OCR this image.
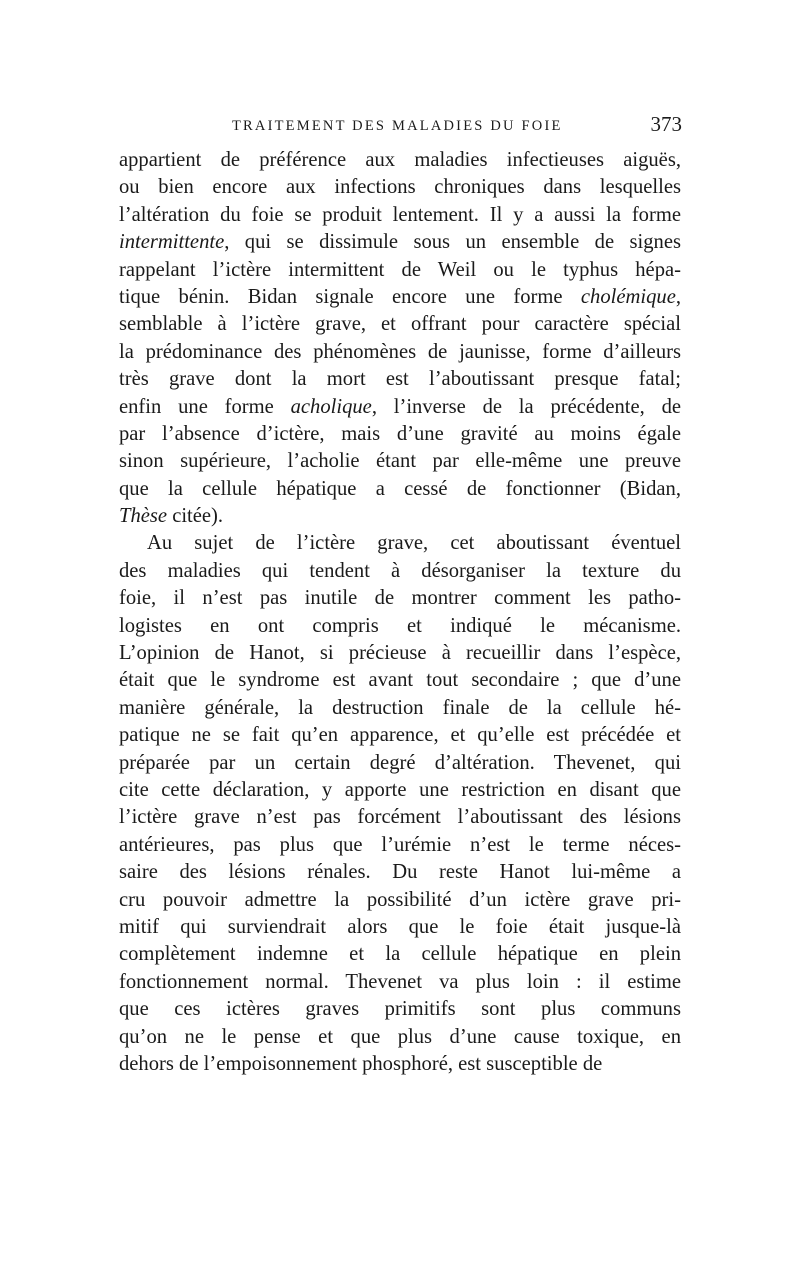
TRAITEMENT DES MALADIES DU FOIE	373
appartient de préférence aux maladies infectieuses aiguës,
ou bien encore aux infections chroniques dans lesquelles
l’altération du foie se produit lentement. Il y a aussi la forme
intermittente, qui se dissimule sous un ensemble de signes
rappelant l’ictère intermittent de Weil ou le typhus hépa-
tique bénin. Bidan signale encore une forme cholémique,
semblable à l’ictère grave, et offrant pour caractère spécial
la prédominance des phénomènes de jaunisse, forme d’ailleurs
très grave dont la mort est l’aboutissant presque fatal;
enfin une forme acholique, l’inverse de la précédente, de
par l’absence d’ictère, mais d’une gravité au moins égale
sinon supérieure, l’acholie étant par elle-même une preuve
que la cellule hépatique a cessé de fonctionner (Bidan,
Thèse citée).
Au sujet de l’ictère grave, cet aboutissant éventuel
des maladies qui tendent à désorganiser la texture du
foie, il n’est pas inutile de montrer comment les patho-
logistes en ont compris et indiqué le mécanisme.
L’opinion de Hanot, si précieuse à recueillir dans l’espèce,
était que le syndrome est avant tout secondaire ; que d’une
manière générale, la destruction finale de la cellule hé-
patique ne se fait qu’en apparence, et qu’elle est précédée et
préparée par un certain degré d’altération. Thevenet, qui
cite cette déclaration, y apporte une restriction en disant que
l’ictère grave n’est pas forcément l’aboutissant des lésions
antérieures, pas plus que l’urémie n’est le terme néces-
saire des lésions rénales. Du reste Hanot lui-même a
cru pouvoir admettre la possibilité d’un ictère grave pri-
mitif qui surviendrait alors que le foie était jusque-là
complètement indemne et la cellule hépatique en plein
fonctionnement normal. Thevenet va plus loin : il estime
que ces ictères graves primitifs sont plus communs
qu’on ne le pense et que plus d’une cause toxique, en
dehors de l’empoisonnement phosphoré, est susceptible de
